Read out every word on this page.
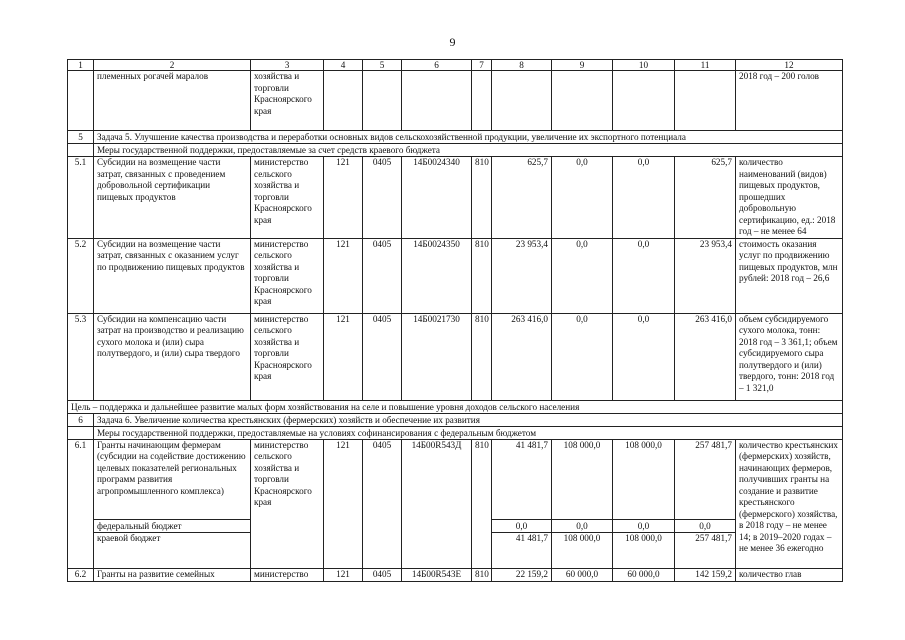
9
1	2	3	4	5	6	7	8	9	10	11	12
	племенных рогачей маралов	хозяйства и торговли Красноярского края									2018 год – 200 голов
5	Задача 5. Улучшение качества производства и переработки основных видов сельскохозяйственной продукции, увеличение их экспортного потенциала										
	Меры государственной поддержки, предоставляемые за счет средств краевого бюджета										
5.1	Субсидии на возмещение части затрат, связанных с проведением добровольной сертификации пищевых продуктов	министерство сельского хозяйства и торговли Красноярского края	121	0405	14Б0024340	810	625,7	0,0	0,0	625,7	количество наименований (видов) пищевых продуктов, прошедших добровольную сертификацию, ед.: 2018 год – не менее 64
5.2	Субсидии на возмещение части затрат, связанных с оказанием услуг по продвижению пищевых продуктов	министерство сельского хозяйства и торговли Красноярского края	121	0405	14Б0024350	810	23 953,4	0,0	0,0	23 953,4	стоимость оказания услуг по продвижению пищевых продуктов, млн рублей: 2018 год – 26,6
5.3	Субсидии на компенсацию части затрат на производство и реализацию сухого молока и (или) сыра полутвердого, и (или) сыра твердого	министерство сельского хозяйства и торговли Красноярского края	121	0405	14Б0021730	810	263 416,0	0,0	0,0	263 416,0	объем субсидируемого сухого молока, тонн: 2018 год – 3 361,1; объем субсидируемого сыра полутвердого и (или) твердого, тонн: 2018 год – 1 321,0
Цель – поддержка и дальнейшее развитие малых форм хозяйствования на селе и повышение уровня доходов сельского населения											
6	Задача 6. Увеличение количества крестьянских (фермерских) хозяйств и обеспечение их развития										
	Меры государственной поддержки, предоставляемые на условиях софинансирования с федеральным бюджетом										
6.1	Гранты начинающим фермерам (субсидии на содействие достижению целевых показателей региональных программ развития агропромышленного комплекса)	министерство сельского хозяйства и торговли Красноярского края	121	0405	14Б00R543Д	810	41 481,7	108 000,0	108 000,0	257 481,7	количество крестьянских (фермерских) хозяйств, начинающих фермеров, получивших гранты на создание и развитие крестьянского (фермерского) хозяйства, в 2018 году – не менее 14; в 2019–2020 годах – не менее 36 ежегодно
	федеральный бюджет						0,0	0,0	0,0	0,0	
	краевой бюджет						41 481,7	108 000,0	108 000,0	257 481,7	
6.2	Гранты на развитие семейных	министерство	121	0405	14Б00R543Е	810	22 159,2	60 000,0	60 000,0	142 159,2	количество глав
